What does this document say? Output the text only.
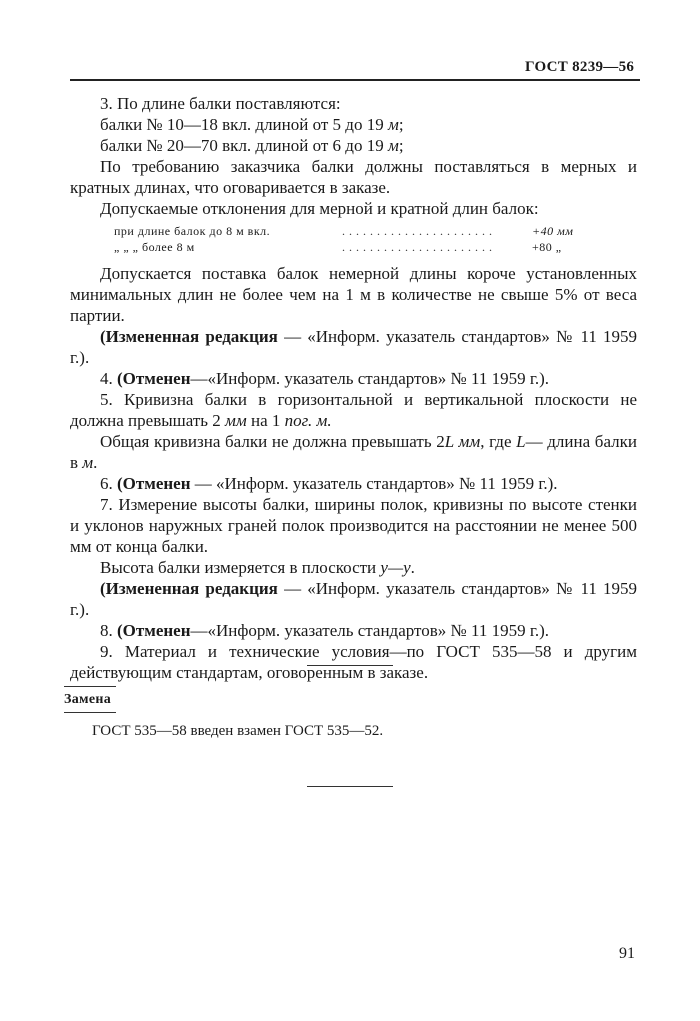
ГОСТ 8239—56

3. По длине балки поставляются:

балки № 10—18 вкл. длиной от 5 до 19 м;

балки № 20—70 вкл. длиной от 6 до 19 м;

По требованию заказчика балки должны поставляться в мерных и кратных длинах, что оговаривается в заказе.

Допускаемые отклонения для мерной и кратной длин балок:

при длине балок до 8 м вкл.	. . . . . . . . . . . . . . . . . . . . . .	+40 мм
„ „ „ более 8 м	. . . . . . . . . . . . . . . . . . . . . .	+80 „

Допускается поставка балок немерной длины короче установленных минимальных длин не более чем на 1 м в количестве не свыше 5% от веса партии.

(Измененная редакция — «Информ. указатель стандартов» № 11 1959 г.).

4. (Отменен—«Информ. указатель стандартов» № 11 1959 г.).

5. Кривизна балки в горизонтальной и вертикальной плоскости не должна превышать 2 мм на 1 пог. м.

Общая кривизна балки не должна превышать 2L мм, где L— длина балки в м.

6. (Отменен — «Информ. указатель стандартов» № 11 1959 г.).

7. Измерение высоты балки, ширины полок, кривизны по высоте стенки и уклонов наружных граней полок производится на расстоянии не менее 500 мм от конца балки.

Высота балки измеряется в плоскости y—y.

(Измененная редакция — «Информ. указатель стандартов» № 11 1959 г.).

8. (Отменен—«Информ. указатель стандартов» № 11 1959 г.).

9. Материал и технические условия—по ГОСТ 535—58 и другим действующим стандартам, оговоренным в заказе.

Замена
ГОСТ 535—58 введен взамен ГОСТ 535—52.
91
